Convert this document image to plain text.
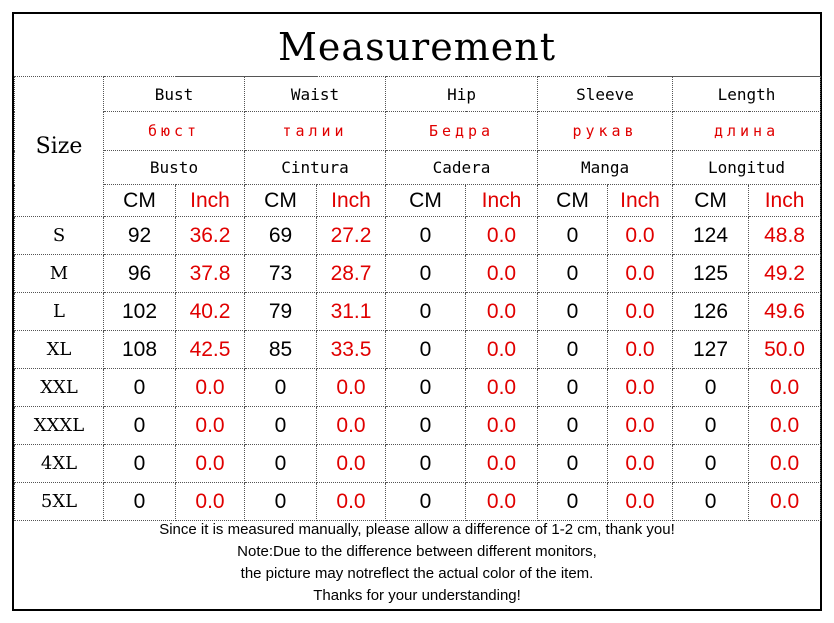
Measurement
Size	Bust		Waist		Hip		Sleeve		Length	
	бюст		талии		Бедра		рукав		длина	
	Busto		Cintura		Cadera		Manga		Longitud	
	CM	Inch	CM	Inch	CM	Inch	CM	Inch	CM	Inch
S	92	36.2	69	27.2	0	0.0	0	0.0	124	48.8
M	96	37.8	73	28.7	0	0.0	0	0.0	125	49.2
L	102	40.2	79	31.1	0	0.0	0	0.0	126	49.6
XL	108	42.5	85	33.5	0	0.0	0	0.0	127	50.0
XXL	0	0.0	0	0.0	0	0.0	0	0.0	0	0.0
XXXL	0	0.0	0	0.0	0	0.0	0	0.0	0	0.0
4XL	0	0.0	0	0.0	0	0.0	0	0.0	0	0.0
5XL	0	0.0	0	0.0	0	0.0	0	0.0	0	0.0
Since it is measured manually, please allow a difference of 1-2 cm, thank you!
Note:Due to the difference between different monitors,
the picture may notreflect the actual color of the item.
Thanks for your understanding!
